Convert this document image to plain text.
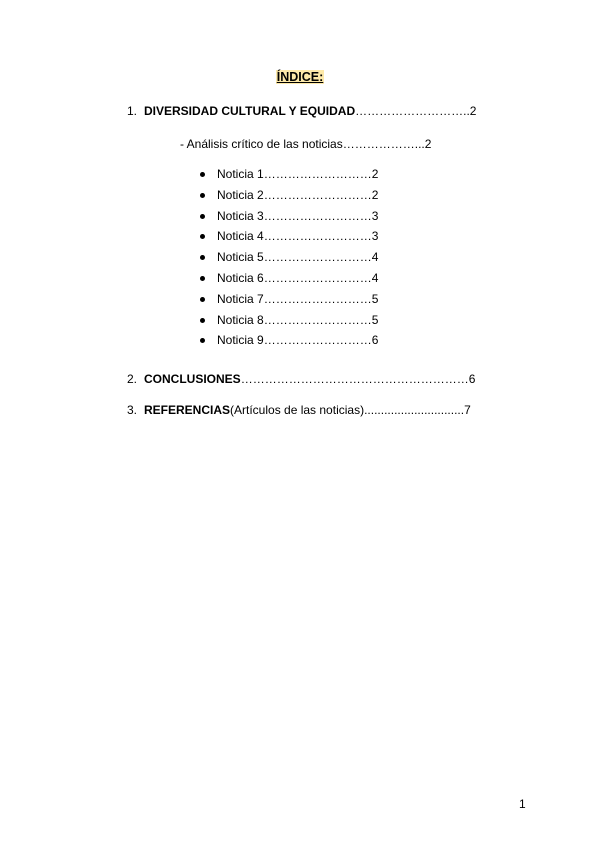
ÍNDICE:
1. DIVERSIDAD CULTURAL Y EQUIDAD………………………..2
- Análisis crítico de las noticias………………...2
Noticia 1………………………2
Noticia 2………………………2
Noticia 3………………………3
Noticia 4………………………3
Noticia 5………………………4
Noticia 6………………………4
Noticia 7………………………5
Noticia 8………………………5
Noticia 9………………………6
2. CONCLUSIONES…………………………………………………6
3. REFERENCIAS(Artículos de las noticias)..............................7
1
